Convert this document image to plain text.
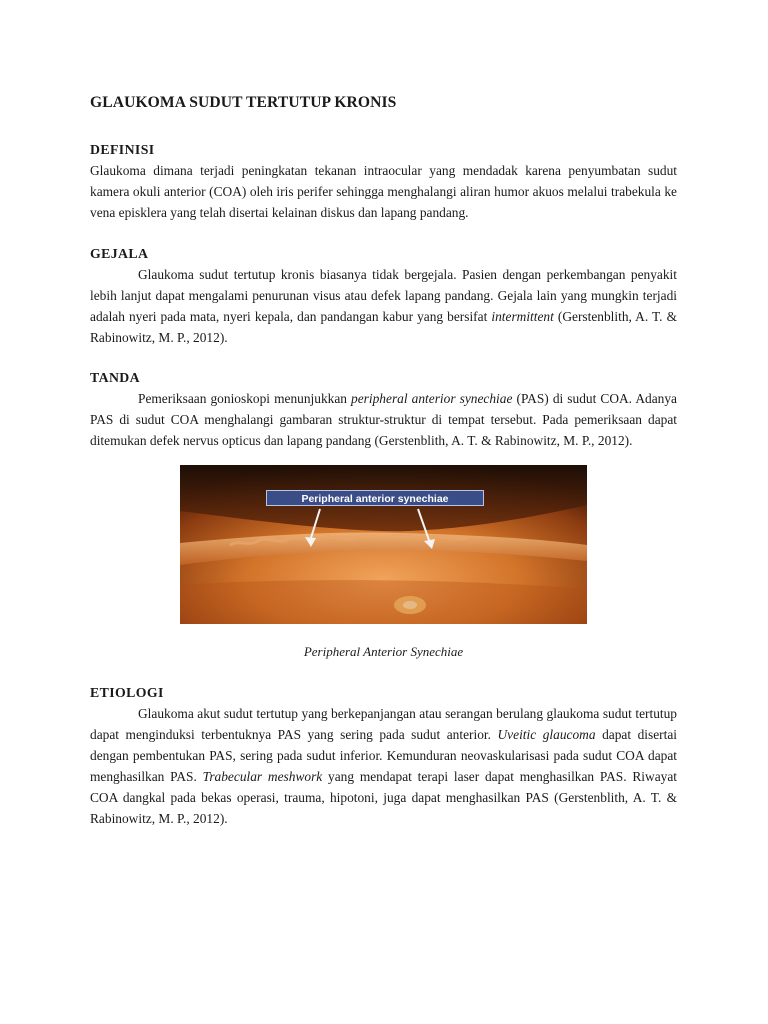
GLAUKOMA SUDUT TERTUTUP KRONIS
DEFINISI

Glaukoma dimana terjadi peningkatan tekanan intraocular yang mendadak karena penyumbatan sudut kamera okuli anterior (COA) oleh iris perifer sehingga menghalangi aliran humor akuos melalui trabekula ke vena episklera yang telah disertai kelainan diskus dan lapang pandang.

GEJALA

Glaukoma sudut tertutup kronis biasanya tidak bergejala. Pasien dengan perkembangan penyakit lebih lanjut dapat mengalami penurunan visus atau defek lapang pandang. Gejala lain yang mungkin terjadi adalah nyeri pada mata, nyeri kepala, dan pandangan kabur yang bersifat intermittent (Gerstenblith, A. T. & Rabinowitz, M. P., 2012).

TANDA

Pemeriksaan gonioskopi menunjukkan peripheral anterior synechiae (PAS) di sudut COA. Adanya PAS di sudut COA menghalangi gambaran struktur-struktur di tempat tersebut. Pada pemeriksaan dapat ditemukan defek nervus opticus dan lapang pandang (Gerstenblith, A. T. & Rabinowitz, M. P., 2012).

Peripheral anterior synechiae
Peripheral Anterior Synechiae
ETIOLOGI

Glaukoma akut sudut tertutup yang berkepanjangan atau serangan berulang glaukoma sudut tertutup dapat menginduksi terbentuknya PAS yang sering pada sudut anterior. Uveitic glaucoma dapat disertai dengan pembentukan PAS, sering pada sudut inferior. Kemunduran neovaskularisasi pada sudut COA dapat menghasilkan PAS. Trabecular meshwork yang mendapat terapi laser dapat menghasilkan PAS. Riwayat COA dangkal pada bekas operasi, trauma, hipotoni, juga dapat menghasilkan PAS (Gerstenblith, A. T. & Rabinowitz, M. P., 2012).
